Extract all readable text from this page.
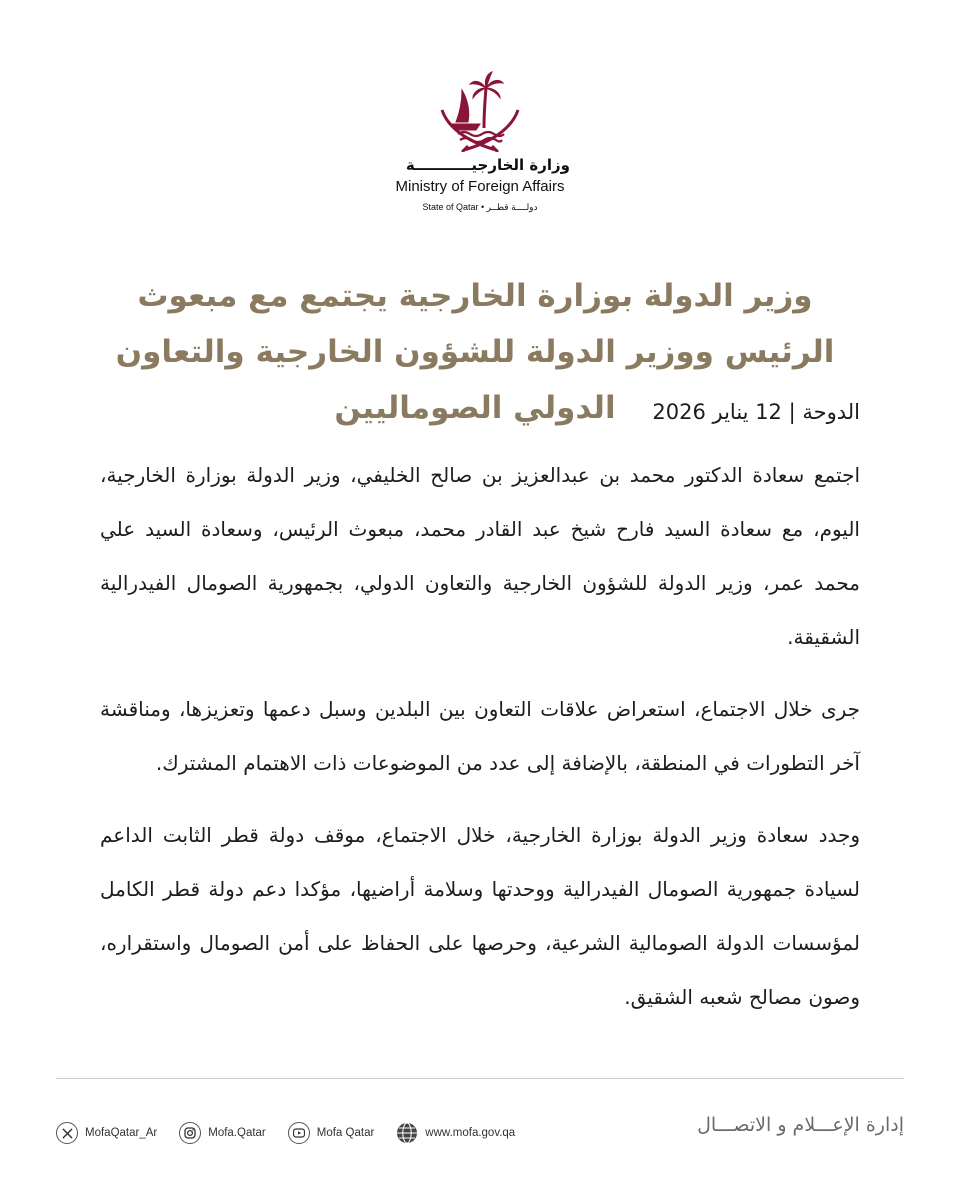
وزارة الخارجيـــــــــــة
Ministry of Foreign Affairs
State of Qatar • دولــــة قطــر
وزير الدولة بوزارة الخارجية يجتمع مع مبعوث الرئيس ووزير الدولة للشؤون الخارجية والتعاون الدولي الصوماليين	الدوحة | 12 يناير 2026

اجتمع سعادة الدكتور محمد بن عبدالعزيز بن صالح الخليفي، وزير الدولة بوزارة الخارجية، اليوم، مع سعادة السيد فارح شيخ عبد القادر محمد، مبعوث الرئيس، وسعادة السيد علي محمد عمر، وزير الدولة للشؤون الخارجية والتعاون الدولي، بجمهورية الصومال الفيدرالية الشقيقة.

جرى خلال الاجتماع، استعراض علاقات التعاون بين البلدين وسبل دعمها وتعزيزها، ومناقشة آخر التطورات في المنطقة، بالإضافة إلى عدد من الموضوعات ذات الاهتمام المشترك.

وجدد سعادة وزير الدولة بوزارة الخارجية، خلال الاجتماع، موقف دولة قطر الثابت الداعم لسيادة جمهورية الصومال الفيدرالية ووحدتها وسلامة أراضيها، مؤكدا دعم دولة قطر الكامل لمؤسسات الدولة الصومالية الشرعية، وحرصها على الحفاظ على أمن الصومال واستقراره، وصون مصالح شعبه الشقيق.

إدارة الإعـــلام و الاتصـــال
MofaQatar_Ar	Mofa.Qatar	Mofa Qatar	www.mofa.gov.qa
